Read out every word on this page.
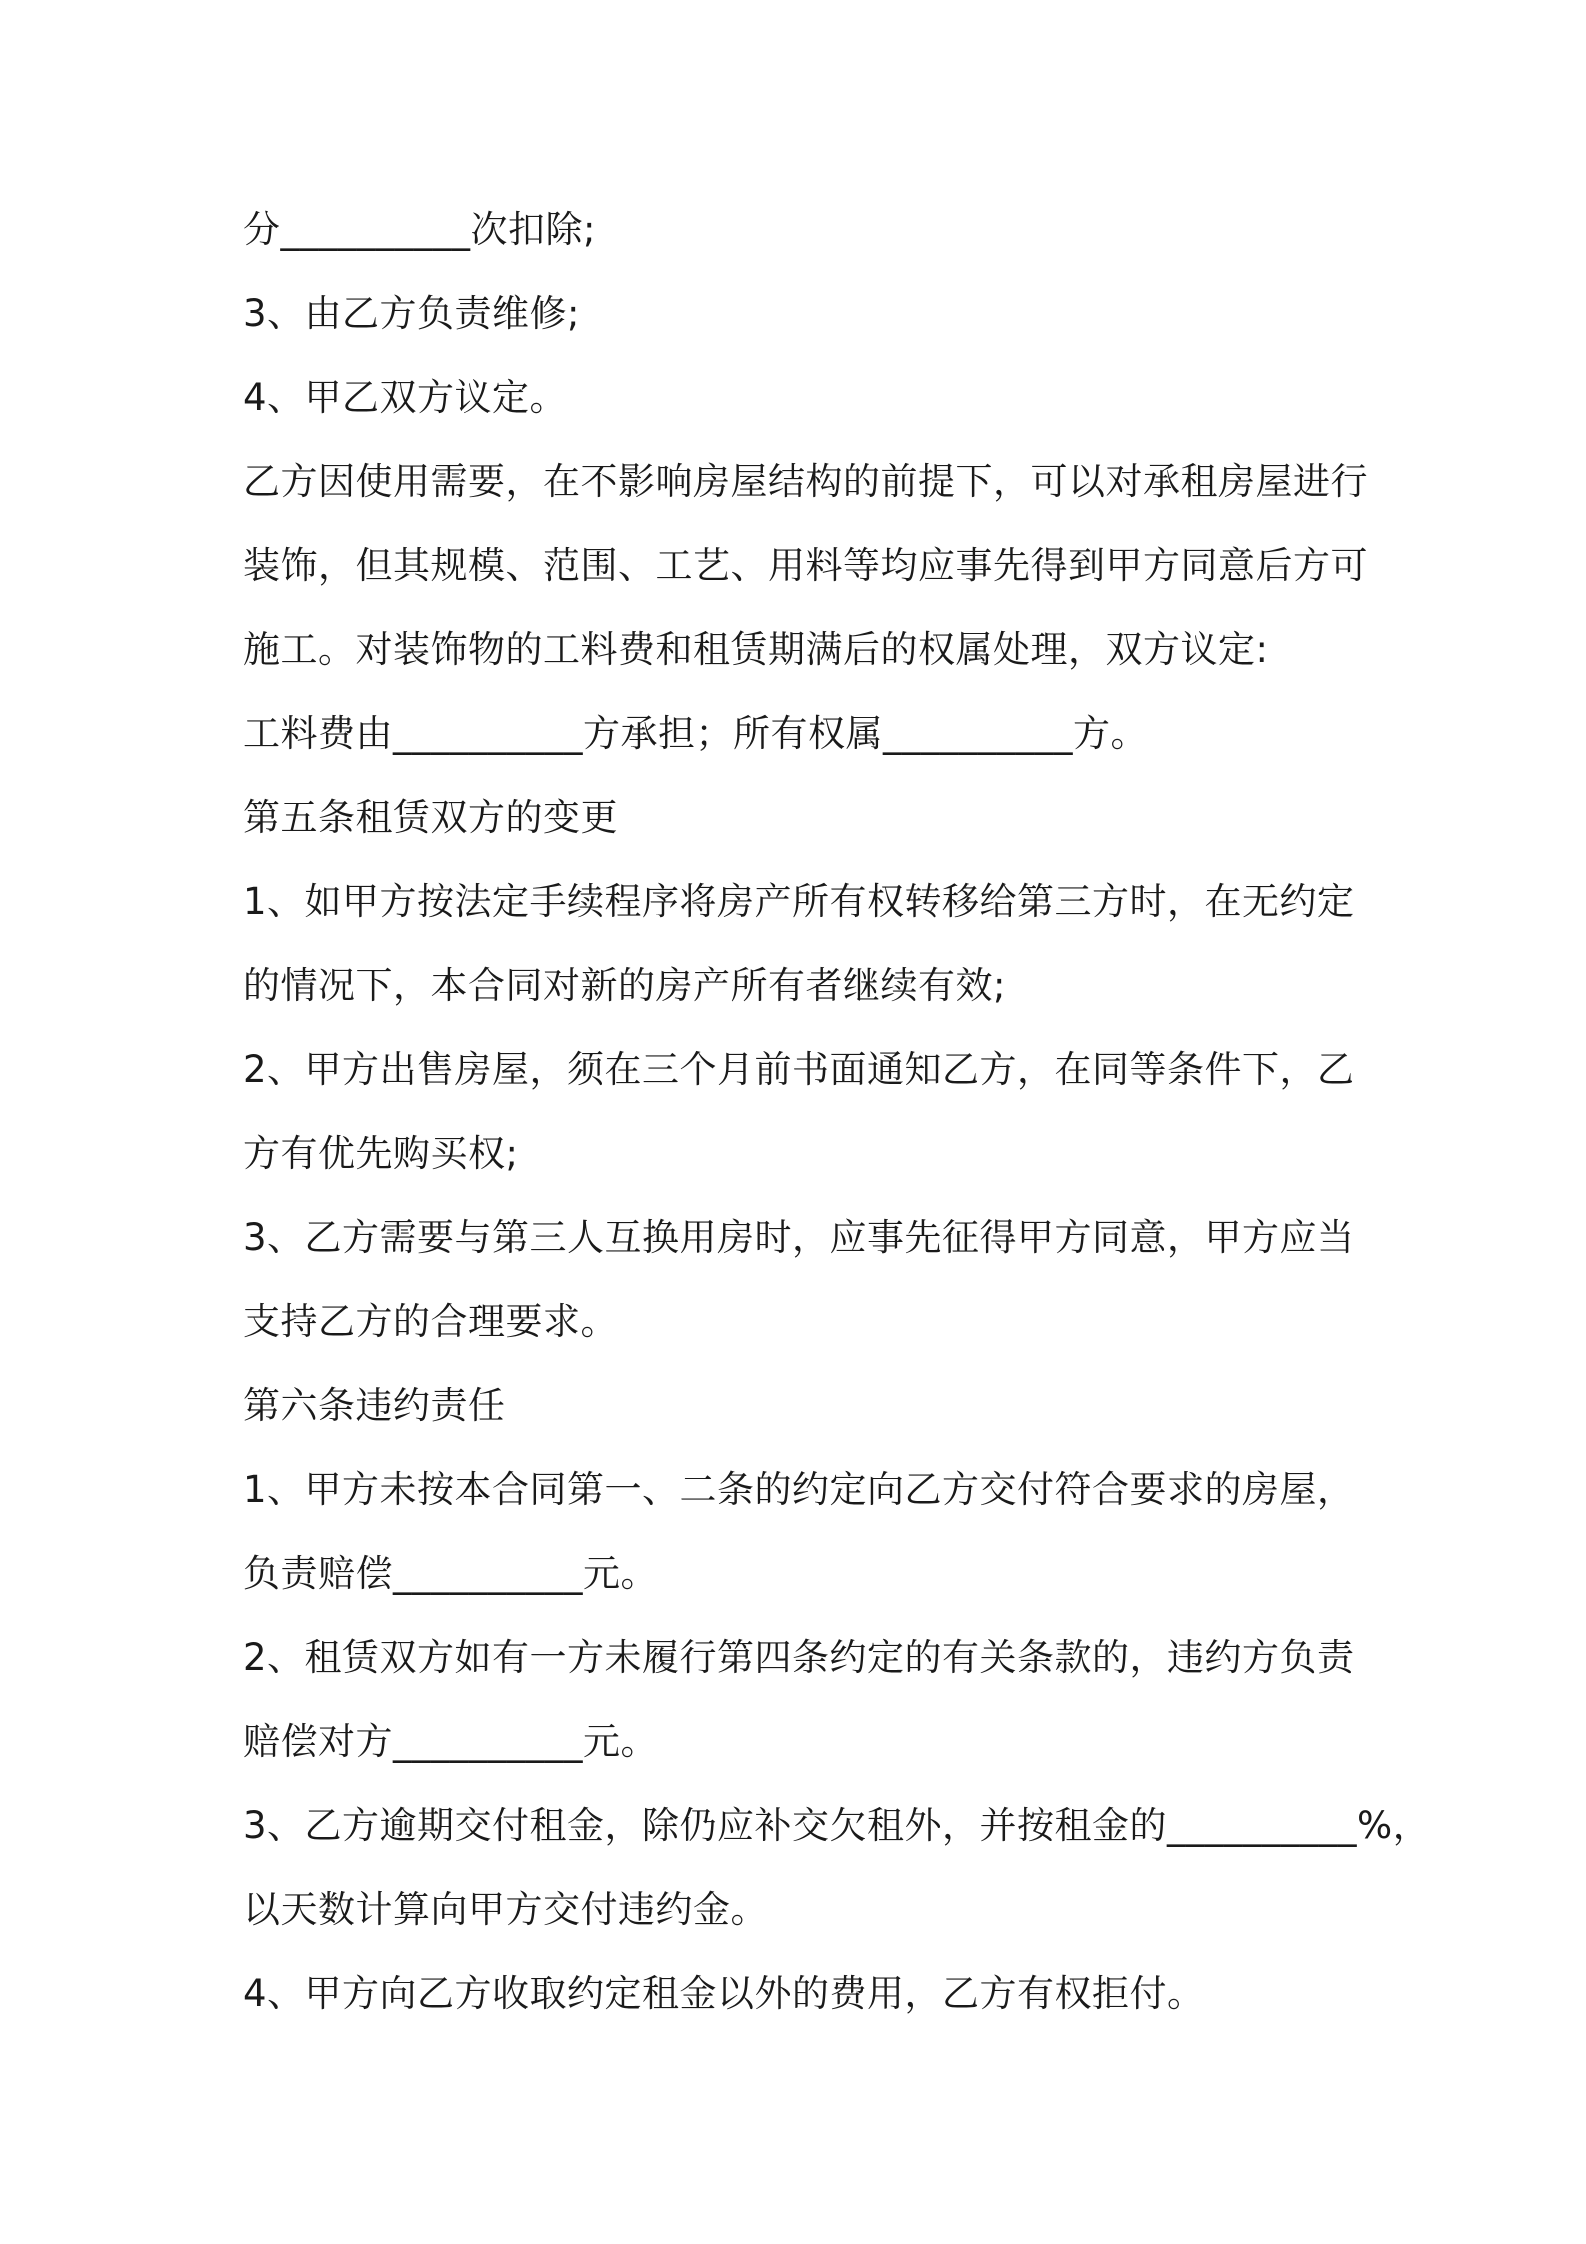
分__________次扣除;
3、由乙方负责维修;
4、甲乙双方议定。
乙方因使用需要，在不影响房屋结构的前提下，可以对承租房屋进行
装饰，但其规模、范围、工艺、用料等均应事先得到甲方同意后方可
施工。对装饰物的工料费和租赁期满后的权属处理，双方议定:
工料费由__________方承担；所有权属__________方。
第五条租赁双方的变更
1、如甲方按法定手续程序将房产所有权转移给第三方时，在无约定
的情况下，本合同对新的房产所有者继续有效;
2、甲方出售房屋，须在三个月前书面通知乙方，在同等条件下，乙
方有优先购买权;
3、乙方需要与第三人互换用房时，应事先征得甲方同意，甲方应当
支持乙方的合理要求。
第六条违约责任
1、甲方未按本合同第一、二条的约定向乙方交付符合要求的房屋，
负责赔偿__________元。
2、租赁双方如有一方未履行第四条约定的有关条款的，违约方负责
赔偿对方__________元。
3、乙方逾期交付租金，除仍应补交欠租外，并按租金的__________%，
以天数计算向甲方交付违约金。
4、甲方向乙方收取约定租金以外的费用，乙方有权拒付。
